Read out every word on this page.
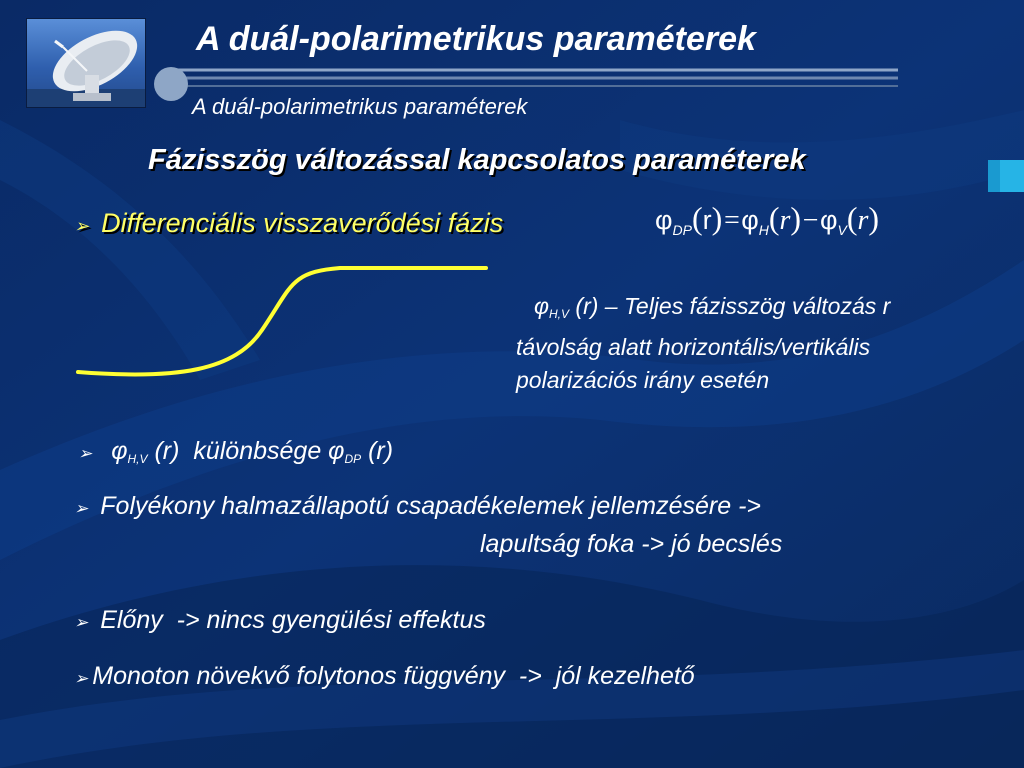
A duál-polarimetrikus paraméterek
A duál-polarimetrikus paraméterek
Fázisszög változással kapcsolatos paraméterek
➢ Differenciális visszaverődési fázis	$\varphi_{DP}(r)=\varphi_H(r)-\varphi_V(r)$
$\varphi_{H,V}$ (r) – Teljes fázisszög változás r
távolság alatt horizontális/vertikális
polarizációs irány esetén
➢ $\varphi_{H,V}$ (r)  különbsége $\varphi_{DP}$ (r)
➢ Folyékony halmazállapotú csapadékelemek jellemzésére ->
lapultság foka -> jó becslés
➢ Előny  -> nincs gyengülési effektus
➢ Monoton növekvő folytonos függvény  ->  jól kezelhető
